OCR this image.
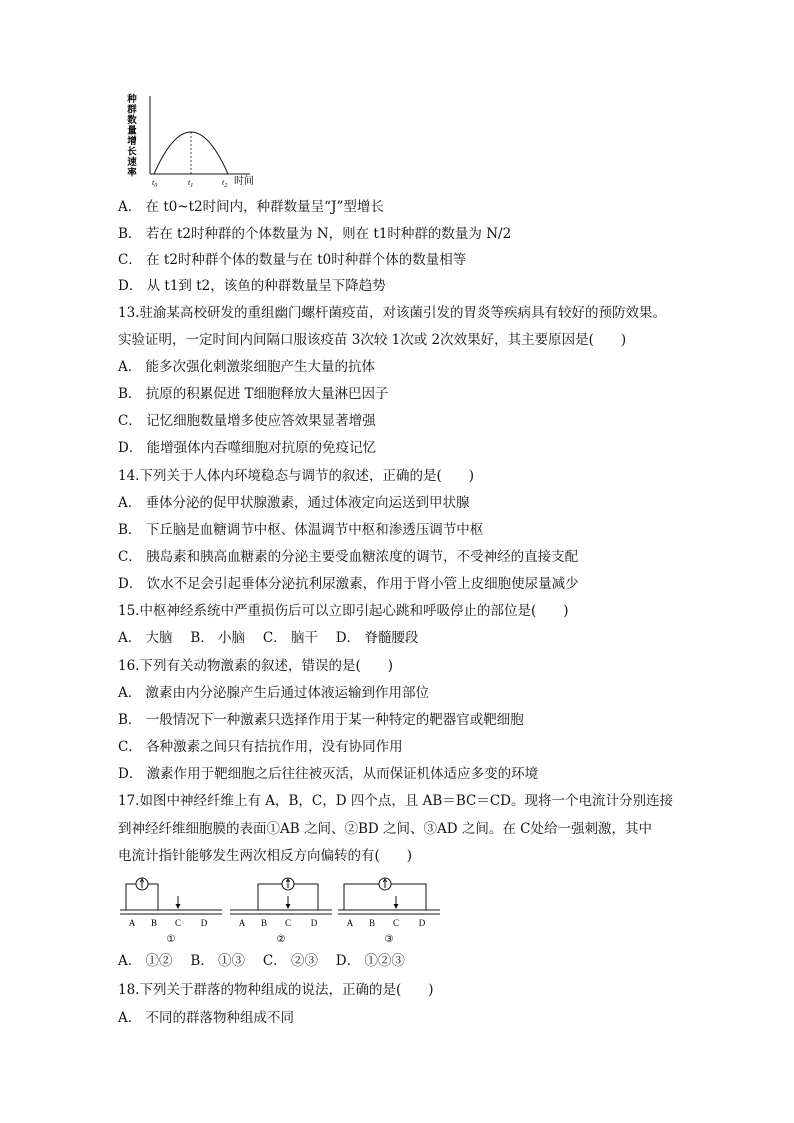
种
群
数
量
增
长
速
率
$t_0$	$t_1$	$t_2$ 时间
A． 在 t0~t2时间内，种群数量呈“J”型增长
B． 若在 t2时种群的个体数量为 N，则在 t1时种群的数量为 N/2
C． 在 t2时种群个体的数量与在 t0时种群个体的数量相等
D． 从 t1到 t2，该鱼的种群数量呈下降趋势
13.驻渝某高校研发的重组幽门螺杆菌疫苗，对该菌引发的胃炎等疾病具有较好的预防效果。
实验证明，一定时间内间隔口服该疫苗 3次较 1次或 2次效果好，其主要原因是(　　)
A． 能多次强化刺激浆细胞产生大量的抗体
B． 抗原的积累促进 T细胞释放大量淋巴因子
C． 记忆细胞数量增多使应答效果显著增强
D． 能增强体内吞噬细胞对抗原的免疫记忆
14.下列关于人体内环境稳态与调节的叙述，正确的是(　　)
A． 垂体分泌的促甲状腺激素，通过体液定向运送到甲状腺
B． 下丘脑是血糖调节中枢、体温调节中枢和渗透压调节中枢
C． 胰岛素和胰高血糖素的分泌主要受血糖浓度的调节，不受神经的直接支配
D． 饮水不足会引起垂体分泌抗利尿激素，作用于肾小管上皮细胞使尿量减少
15.中枢神经系统中严重损伤后可以立即引起心跳和呼吸停止的部位是(　　)
A． 大脑　 B． 小脑　 C． 脑干　 D． 脊髓腰段
16.下列有关动物激素的叙述，错误的是(　　)
A． 激素由内分泌腺产生后通过体液运输到作用部位
B． 一般情况下一种激素只选择作用于某一种特定的靶器官或靶细胞
C． 各种激素之间只有拮抗作用，没有协同作用
D． 激素作用于靶细胞之后往往被灭活，从而保证机体适应多变的环境
17.如图中神经纤维上有 A，B，C，D 四个点，且 AB＝BC＝CD。现将一个电流计分别连接
到神经纤维细胞膜的表面①AB 之间、②BD 之间、③AD 之间。在 C处给一强刺激，其中
电流计指针能够发生两次相反方向偏转的有(　　)
A B C D
①
A B C D
②
A B C D
③
A． ①②　 B． ①③　 C． ②③　 D． ①②③
18.下列关于群落的物种组成的说法，正确的是(　　)
A． 不同的群落物种组成不同
